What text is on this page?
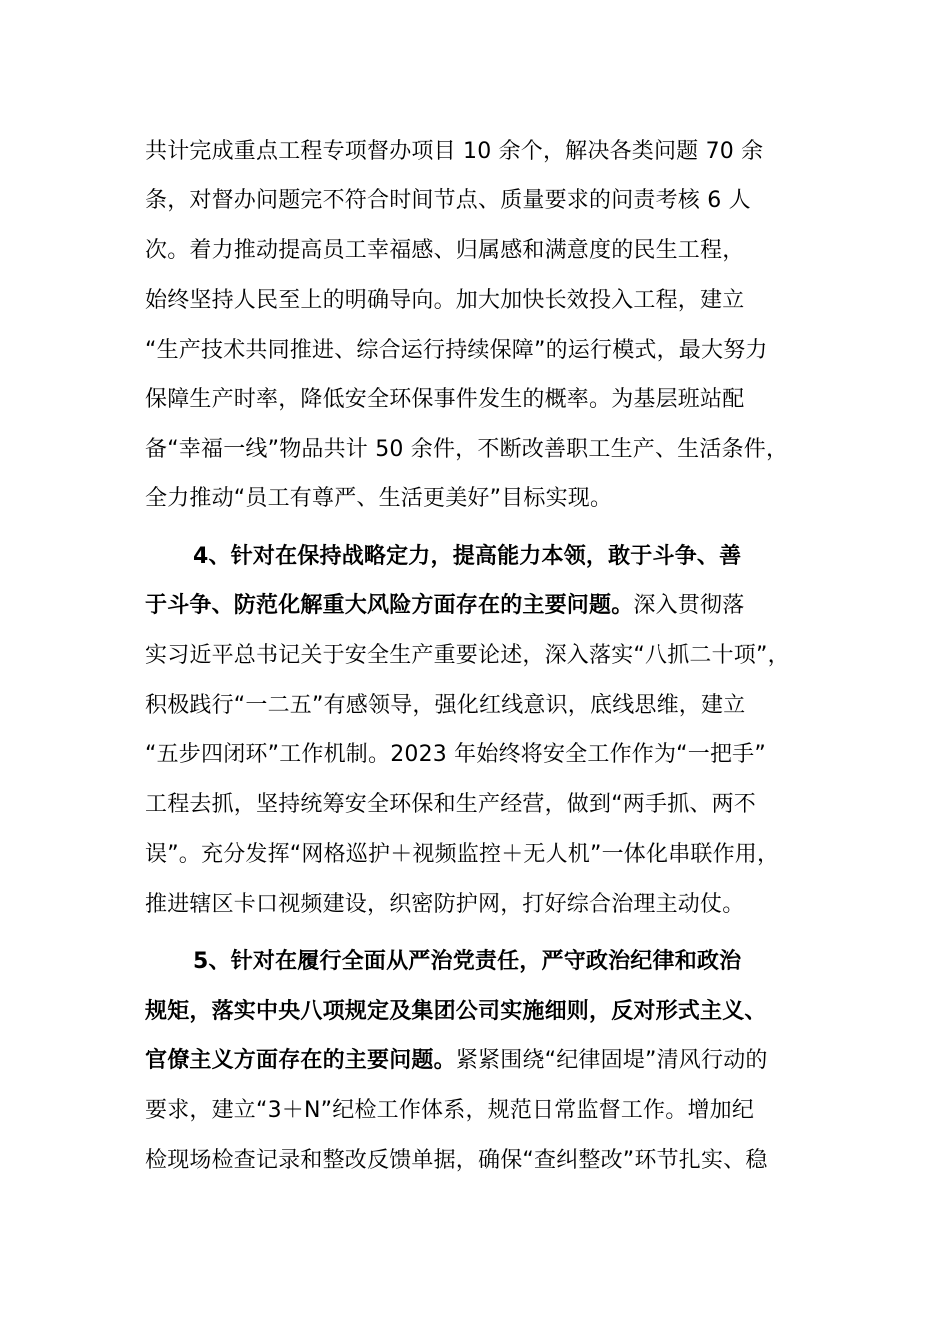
共计完成重点工程专项督办项目 10 余个，解决各类问题 70 余
条，对督办问题完不符合时间节点、质量要求的问责考核 6 人
次。着力推动提高员工幸福感、归属感和满意度的民生工程，
始终坚持人民至上的明确导向。加大加快长效投入工程，建立
“生产技术共同推进、综合运行持续保障”的运行模式，最大努力
保障生产时率，降低安全环保事件发生的概率。为基层班站配
备“幸福一线”物品共计 50 余件，不断改善职工生产、生活条件，
全力推动“员工有尊严、生活更美好”目标实现。
4、针对在保持战略定力，提高能力本领，敢于斗争、善
于斗争、防范化解重大风险方面存在的主要问题。深入贯彻落
实习近平总书记关于安全生产重要论述，深入落实“八抓二十项”，
积极践行“一二五”有感领导，强化红线意识，底线思维，建立
“五步四闭环”工作机制。2023 年始终将安全工作作为“一把手”
工程去抓，坚持统筹安全环保和生产经营，做到“两手抓、两不
误”。充分发挥“网格巡护＋视频监控＋无人机”一体化串联作用，
推进辖区卡口视频建设，织密防护网，打好综合治理主动仗。
5、针对在履行全面从严治党责任，严守政治纪律和政治
规矩，落实中央八项规定及集团公司实施细则，反对形式主义、
官僚主义方面存在的主要问题。紧紧围绕“纪律固堤”清风行动的
要求，建立“3＋N”纪检工作体系，规范日常监督工作。增加纪
检现场检查记录和整改反馈单据，确保“查纠整改”环节扎实、稳
